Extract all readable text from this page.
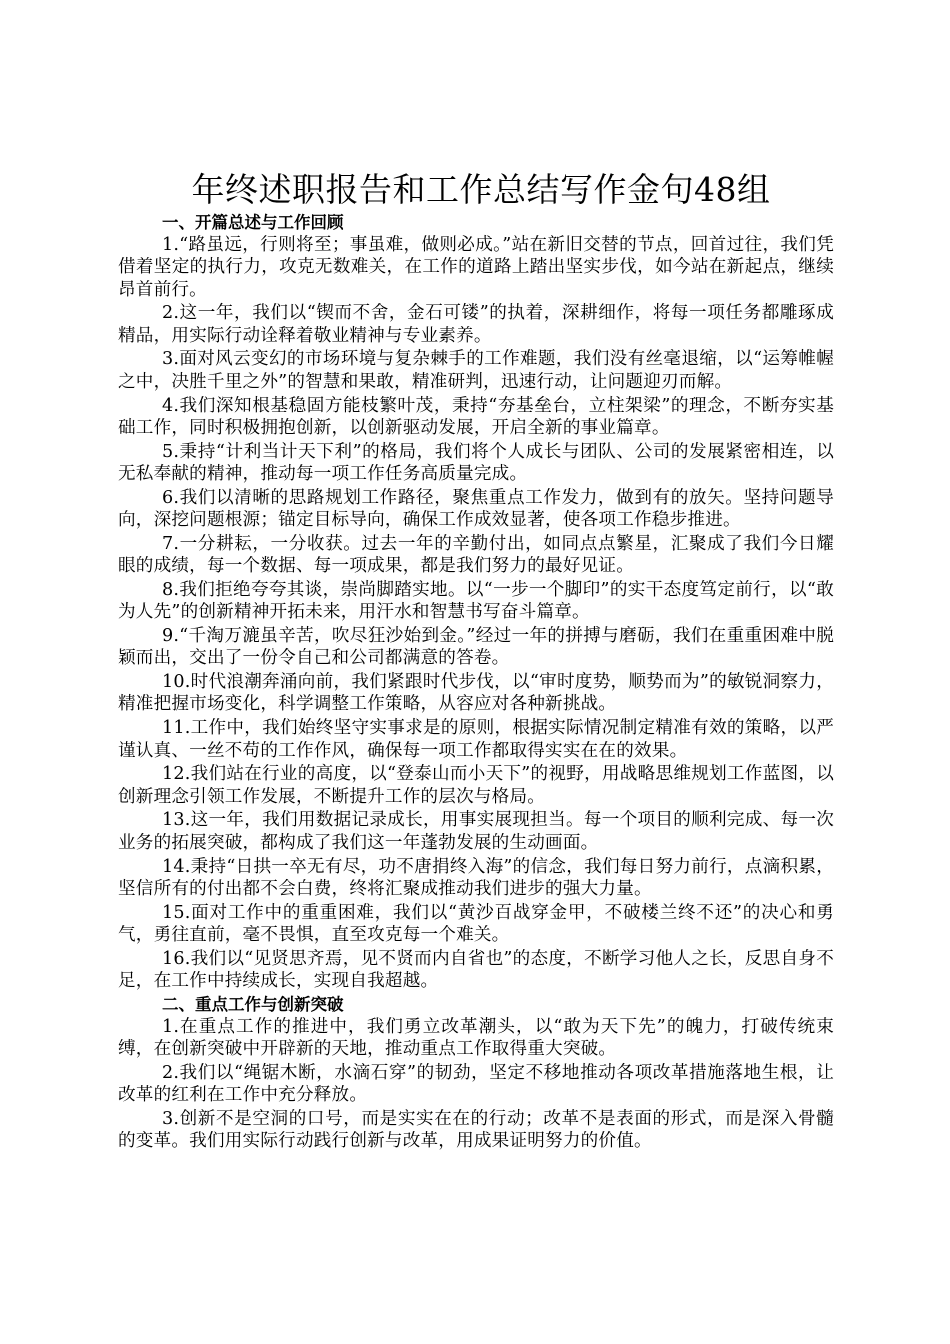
年终述职报告和工作总结写作金句48组
一、开篇总述与工作回顾

1.“路虽远，行则将至；事虽难，做则必成。”站在新旧交替的节点，回首过往，我们凭借着坚定的执行力，攻克无数难关，在工作的道路上踏出坚实步伐，如今站在新起点，继续昂首前行。

2.这一年，我们以“锲而不舍，金石可镂”的执着，深耕细作，将每一项任务都雕琢成精品，用实际行动诠释着敬业精神与专业素养。

3.面对风云变幻的市场环境与复杂棘手的工作难题，我们没有丝毫退缩，以“运筹帷幄之中，决胜千里之外”的智慧和果敢，精准研判，迅速行动，让问题迎刃而解。

4.我们深知根基稳固方能枝繁叶茂，秉持“夯基垒台，立柱架梁”的理念，不断夯实基础工作，同时积极拥抱创新，以创新驱动发展，开启全新的事业篇章。

5.秉持“计利当计天下利”的格局，我们将个人成长与团队、公司的发展紧密相连，以无私奉献的精神，推动每一项工作任务高质量完成。

6.我们以清晰的思路规划工作路径，聚焦重点工作发力，做到有的放矢。坚持问题导向，深挖问题根源；锚定目标导向，确保工作成效显著，使各项工作稳步推进。

7.一分耕耘，一分收获。过去一年的辛勤付出，如同点点繁星，汇聚成了我们今日耀眼的成绩，每一个数据、每一项成果，都是我们努力的最好见证。

8.我们拒绝夸夸其谈，崇尚脚踏实地。以“一步一个脚印”的实干态度笃定前行，以“敢为人先”的创新精神开拓未来，用汗水和智慧书写奋斗篇章。

9.“千淘万漉虽辛苦，吹尽狂沙始到金。”经过一年的拼搏与磨砺，我们在重重困难中脱颖而出，交出了一份令自己和公司都满意的答卷。

10.时代浪潮奔涌向前，我们紧跟时代步伐，以“审时度势，顺势而为”的敏锐洞察力，精准把握市场变化，科学调整工作策略，从容应对各种新挑战。

11.工作中，我们始终坚守实事求是的原则，根据实际情况制定精准有效的策略，以严谨认真、一丝不苟的工作作风，确保每一项工作都取得实实在在的效果。

12.我们站在行业的高度，以“登泰山而小天下”的视野，用战略思维规划工作蓝图，以创新理念引领工作发展，不断提升工作的层次与格局。

13.这一年，我们用数据记录成长，用事实展现担当。每一个项目的顺利完成、每一次业务的拓展突破，都构成了我们这一年蓬勃发展的生动画面。

14.秉持“日拱一卒无有尽，功不唐捐终入海”的信念，我们每日努力前行，点滴积累，坚信所有的付出都不会白费，终将汇聚成推动我们进步的强大力量。

15.面对工作中的重重困难，我们以“黄沙百战穿金甲，不破楼兰终不还”的决心和勇气，勇往直前，毫不畏惧，直至攻克每一个难关。

16.我们以“见贤思齐焉，见不贤而内自省也”的态度，不断学习他人之长，反思自身不足，在工作中持续成长，实现自我超越。

二、重点工作与创新突破

1.在重点工作的推进中，我们勇立改革潮头，以“敢为天下先”的魄力，打破传统束缚，在创新突破中开辟新的天地，推动重点工作取得重大突破。

2.我们以“绳锯木断，水滴石穿”的韧劲，坚定不移地推动各项改革措施落地生根，让改革的红利在工作中充分释放。

3.创新不是空洞的口号，而是实实在在的行动；改革不是表面的形式，而是深入骨髓的变革。我们用实际行动践行创新与改革，用成果证明努力的价值。
